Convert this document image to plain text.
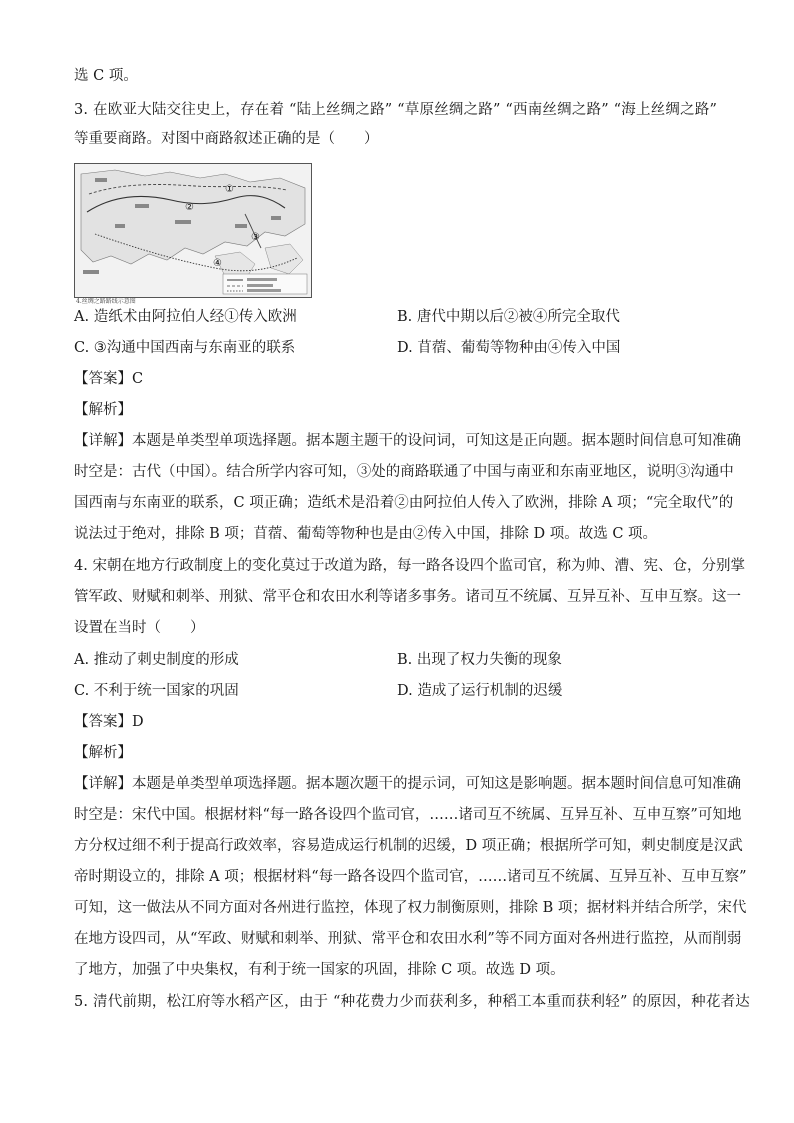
选 C 项。
3. 在欧亚大陆交往史上，存在着 “陆上丝绸之路” “草原丝绸之路” “西南丝绸之路” “海上丝绸之路”
等重要商路。对图中商路叙述正确的是（　　）
①
②
③
④
4.丝绸之路路线示意图
A. 造纸术由阿拉伯人经①传入欧洲	B. 唐代中期以后②被④所完全取代
C. ③沟通中国西南与东南亚的联系	D. 苜蓿、葡萄等物种由④传入中国
【答案】C
【解析】
【详解】本题是单类型单项选择题。据本题主题干的设问词，可知这是正向题。据本题时间信息可知准确
时空是：古代（中国）。结合所学内容可知，③处的商路联通了中国与南亚和东南亚地区，说明③沟通中
国西南与东南亚的联系，C 项正确；造纸术是沿着②由阿拉伯人传入了欧洲，排除 A 项；“完全取代”的
说法过于绝对，排除 B 项；苜蓿、葡萄等物种也是由②传入中国，排除 D 项。故选 C 项。
4. 宋朝在地方行政制度上的变化莫过于改道为路，每一路各设四个监司官，称为帅、漕、宪、仓，分别掌
管军政、财赋和刺举、刑狱、常平仓和农田水利等诸多事务。诸司互不统属、互异互补、互申互察。这一
设置在当时（　　）
A. 推动了刺史制度的形成	B. 出现了权力失衡的现象
C. 不利于统一国家的巩固	D. 造成了运行机制的迟缓
【答案】D
【解析】
【详解】本题是单类型单项选择题。据本题次题干的提示词，可知这是影响题。据本题时间信息可知准确
时空是：宋代中国。根据材料“每一路各设四个监司官，……诸司互不统属、互异互补、互申互察”可知地
方分权过细不利于提高行政效率，容易造成运行机制的迟缓，D 项正确；根据所学可知，刺史制度是汉武
帝时期设立的，排除 A 项；根据材料“每一路各设四个监司官，……诸司互不统属、互异互补、互申互察”
可知，这一做法从不同方面对各州进行监控，体现了权力制衡原则，排除 B 项；据材料并结合所学，宋代
在地方设四司，从“军政、财赋和刺举、刑狱、常平仓和农田水利”等不同方面对各州进行监控，从而削弱
了地方，加强了中央集权，有利于统一国家的巩固，排除 C 项。故选 D 项。
5. 清代前期，松江府等水稻产区，由于 “种花费力少而获利多，种稻工本重而获利轻” 的原因，种花者达
